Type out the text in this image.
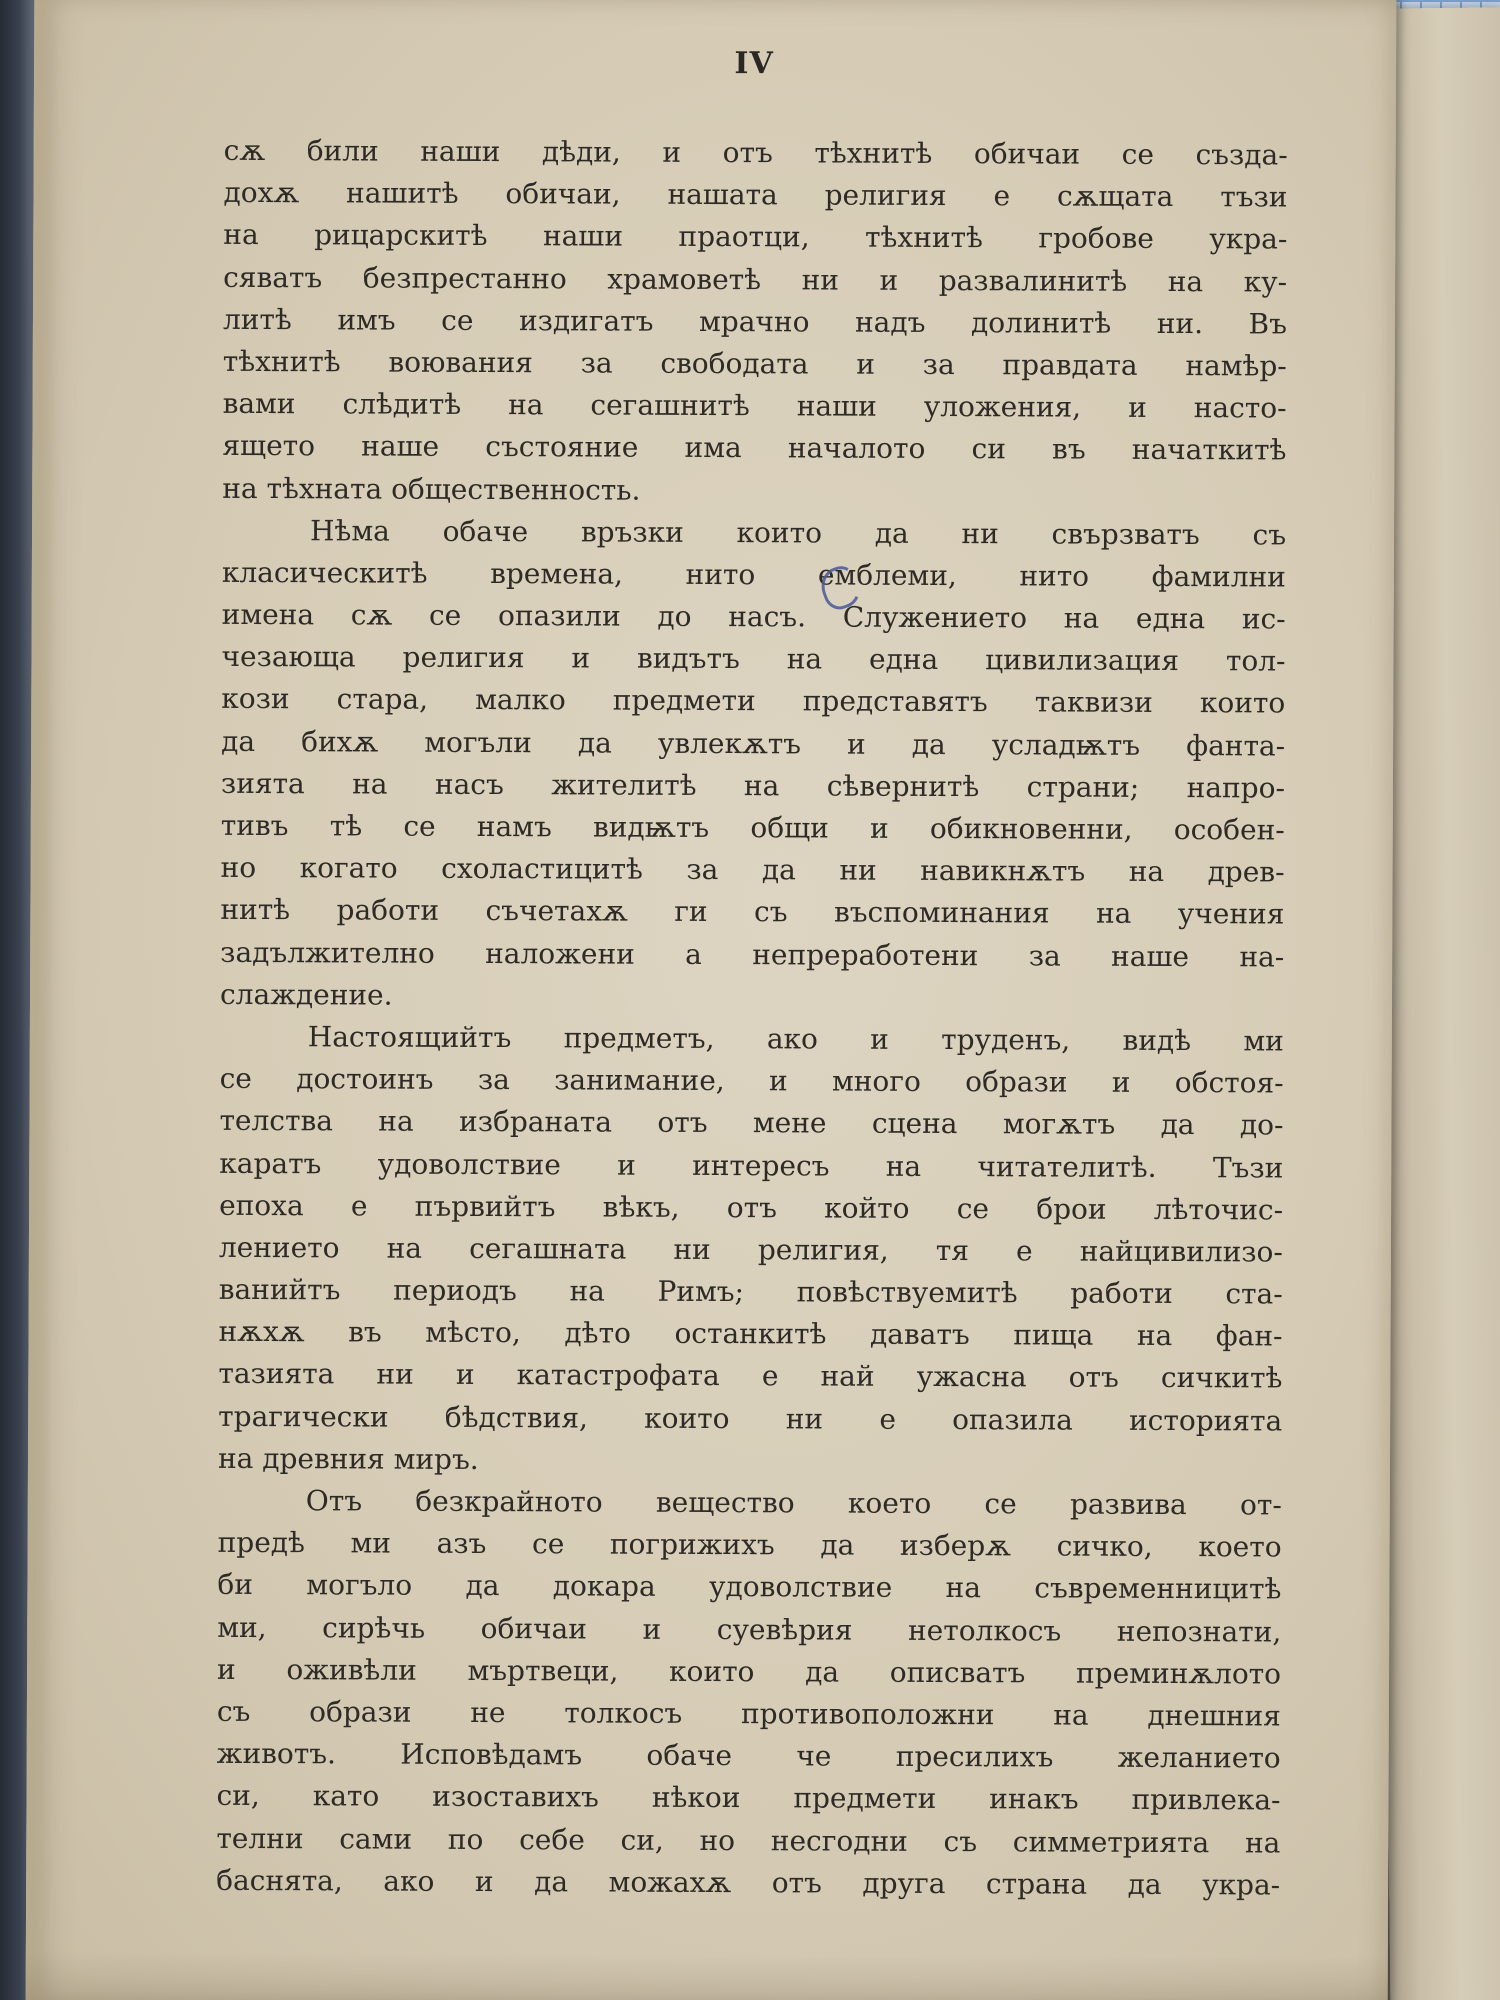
IV
сѫ били наши дѣди, и отъ тѣхнитѣ обичаи се създа-
дохѫ нашитѣ обичаи, нашата религия е сѫщата тъзи
на рицарскитѣ наши праотци, тѣхнитѣ гробове укра-
сяватъ безпрестанно храмоветѣ ни и развалинитѣ на ку-
литѣ имъ се издигатъ мрачно надъ долинитѣ ни. Въ
тѣхнитѣ воювания за свободата и за правдата намѣр-
вами слѣдитѣ на сегашнитѣ наши уложения, и насто-
ящето наше състояние има началото си въ начаткитѣ
на тѣхната общественность.
Нѣма обаче връзки които да ни свързватъ съ
класическитѣ времена, нито емблеми, нито фамилни
имена сѫ се опазили до насъ. Служението на една ис-
чезающа религия и видътъ на една цивилизация тол-
кози стара, малко предмети представятъ таквизи които
да бихѫ могъли да увлекѫтъ и да усладѭтъ фанта-
зията на насъ жителитѣ на сѣвернитѣ страни; напро-
тивъ тѣ се намъ видѭтъ общи и обикновенни, особен-
но когато схоластицитѣ за да ни навикнѫтъ на древ-
нитѣ работи съчетахѫ ги съ въспоминания на учения
задължително наложени а непреработени за наше на-
слаждение.
Настоящийтъ предметъ, ако и труденъ, видѣ ми
се достоинъ за занимание, и много образи и обстоя-
телства на избраната отъ мене сцена могѫтъ да до-
каратъ удоволствие и интересъ на читателитѣ. Тъзи
епоха е първийтъ вѣкъ, отъ който се брои лѣточис-
лението на сегашната ни религия, тя е найцивилизо-
ванийтъ периодъ на Римъ; повѣствуемитѣ работи ста-
нѫхѫ въ мѣсто, дѣто останкитѣ даватъ пища на фан-
тазията ни и катастрофата е най ужасна отъ сичкитѣ
трагически бѣдствия, които ни е опазила историята
на древния миръ.
Отъ безкрайното вещество което се развива от-
предѣ ми азъ се погрижихъ да изберѫ сичко, което
би могъло да докара удоволствие на съвременницитѣ
ми, сирѣчь обичаи и суевѣрия нетолкосъ непознати,
и оживѣли мъртвеци, които да описватъ преминѫлото
съ образи не толкосъ противоположни на днешния
животъ. Исповѣдамъ обаче че пресилихъ желанието
си, като изоставихъ нѣкои предмети инакъ привлека-
телни сами по себе си, но несгодни съ симметрията на
баснята, ако и да можахѫ отъ друга страна да укра-
